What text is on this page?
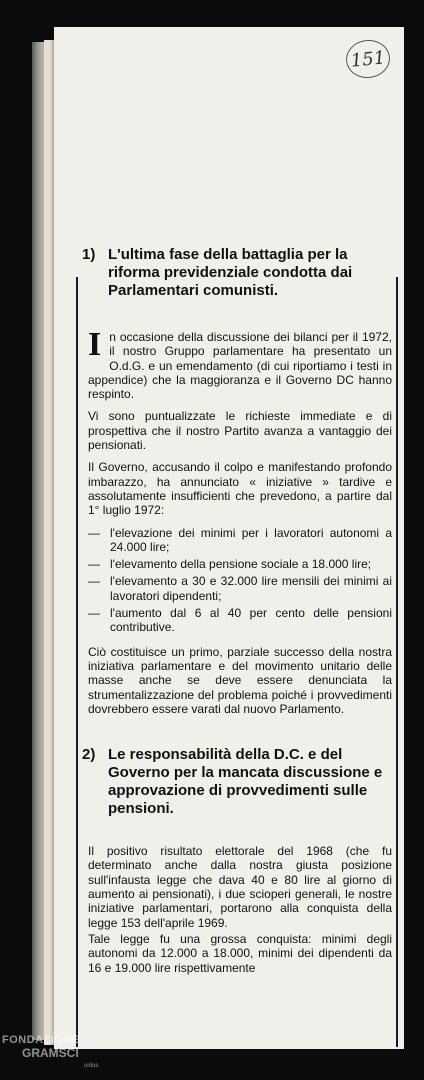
151
1) L'ultima fase della battaglia per la riforma previdenziale condotta dai Parlamentari comunisti.

I n occasione della discussione dei bilanci per il 1972, il nostro Gruppo parlamentare ha presentato un O.d.G. e un emendamento (di cui riportiamo i testi in appendice) che la maggioranza e il Governo DC hanno respinto.

Vi sono puntualizzate le richieste immediate e di prospettiva che il nostro Partito avanza a vantaggio dei pensionati.

Il Governo, accusando il colpo e manifestando profondo imbarazzo, ha annunciato « iniziative » tardive e assolutamente insufficienti che prevedono, a partire dal 1° luglio 1972:

— l'elevazione dei minimi per i lavoratori autonomi a 24.000 lire;
— l'elevamento della pensione sociale a 18.000 lire;
— l'elevamento a 30 e 32.000 lire mensili dei minimi ai lavoratori dipendenti;
— l'aumento dal 6 al 40 per cento delle pensioni contributive.

Ciò costituisce un primo, parziale successo della nostra iniziativa parlamentare e del movimento unitario delle masse anche se deve essere denunciata la strumentalizzazione del problema poiché i provvedimenti dovrebbero essere varati dal nuovo Parlamento.

2) Le responsabilità della D.C. e del Governo per la mancata discussione e approvazione di provvedimenti sulle pensioni.

Il positivo risultato elettorale del 1968 (che fu determinato anche dalla nostra giusta posizione sull'infausta legge che dava 40 e 80 lire al giorno di aumento ai pensionati), i due scioperi generali, le nostre iniziative parlamentari, portarono alla conquista della legge 153 dell'aprile 1969.

Tale legge fu una grossa conquista: minimi degli autonomi da 12.000 a 18.000, minimi dei dipendenti da 16 e 19.000 lire rispettivamente

FONDAZIONE
GRAMSCI
onlus
